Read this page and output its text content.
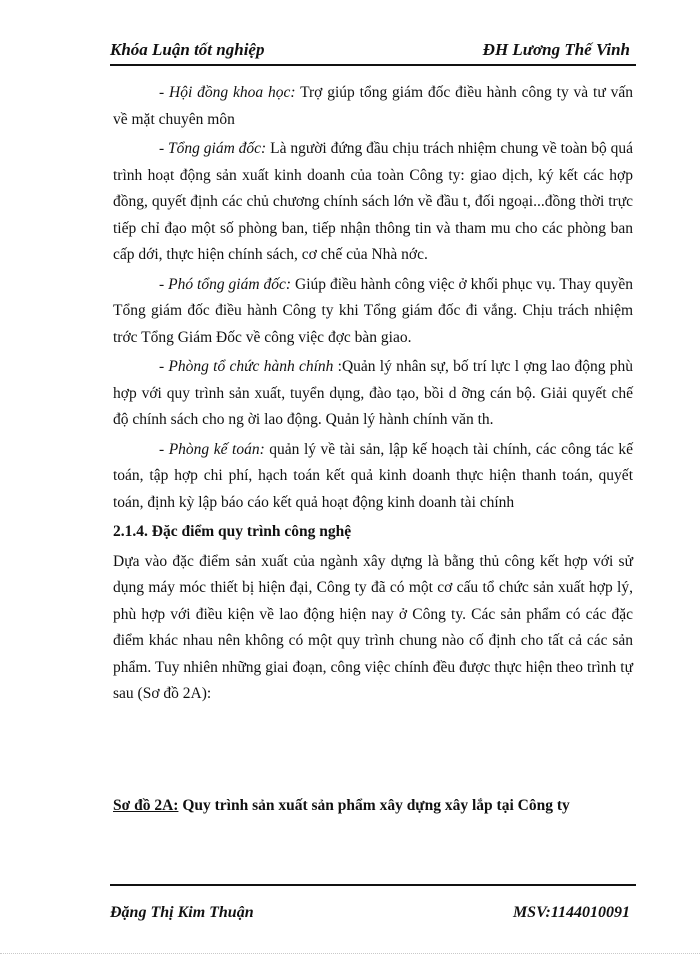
Khóa Luận tốt nghiệp	ĐH Lương Thế Vinh

- Hội đồng khoa học: Trợ giúp tổng giám đốc điều hành công ty và tư vấn về mặt chuyên môn

- Tổng giám đốc: Là người đứng đầu chịu trách nhiệm chung về toàn bộ quá trình hoạt động sản xuất kinh doanh của toàn Công ty: giao dịch, ký kết các hợp đồng, quyết định các chủ chương chính sách lớn về đầu t, đối ngoại...đồng thời trực tiếp chỉ đạo một số phòng ban, tiếp nhận thông tin và tham mu cho các phòng ban cấp dới, thực hiện chính sách, cơ chế của Nhà nớc.

- Phó tổng giám đốc: Giúp điều hành công việc ở khối phục vụ. Thay quyền Tổng giám đốc điều hành Công ty khi Tổng giám đốc đi vắng. Chịu trách nhiệm trớc Tổng Giám Đốc về công việc đợc bàn giao.

- Phòng tổ chức hành chính :Quản lý nhân sự, bố trí lực l ợng lao động phù hợp với quy trình sản xuất, tuyển dụng, đào tạo, bồi d ỡng cán bộ. Giải quyết chế độ chính sách cho ng ời lao động. Quản lý hành chính văn th.

- Phòng kế toán: quản lý về tài sản, lập kế hoạch tài chính, các công tác kế toán, tập hợp chi phí, hạch toán kết quả kinh doanh thực hiện thanh toán, quyết toán, định kỳ lập báo cáo kết quả hoạt động kinh doanh tài chính

2.1.4. Đặc điểm quy trình công nghệ

Dựa vào đặc điểm sản xuất của ngành xây dựng là bằng thủ công kết hợp với sử dụng máy móc thiết bị hiện đại, Công ty đã có một cơ cấu tổ chức sản xuất hợp lý, phù hợp với điều kiện về lao động hiện nay ở Công ty. Các sản phẩm có các đặc điểm khác nhau nên không có một quy trình chung nào cố định cho tất cả các sản phẩm. Tuy nhiên những giai đoạn, công việc chính đều được thực hiện theo trình tự sau (Sơ đồ 2A):

Sơ đồ 2A: Quy trình sản xuất sản phẩm xây dựng xây lắp tại Công ty
Đặng Thị Kim Thuận	MSV:1144010091
